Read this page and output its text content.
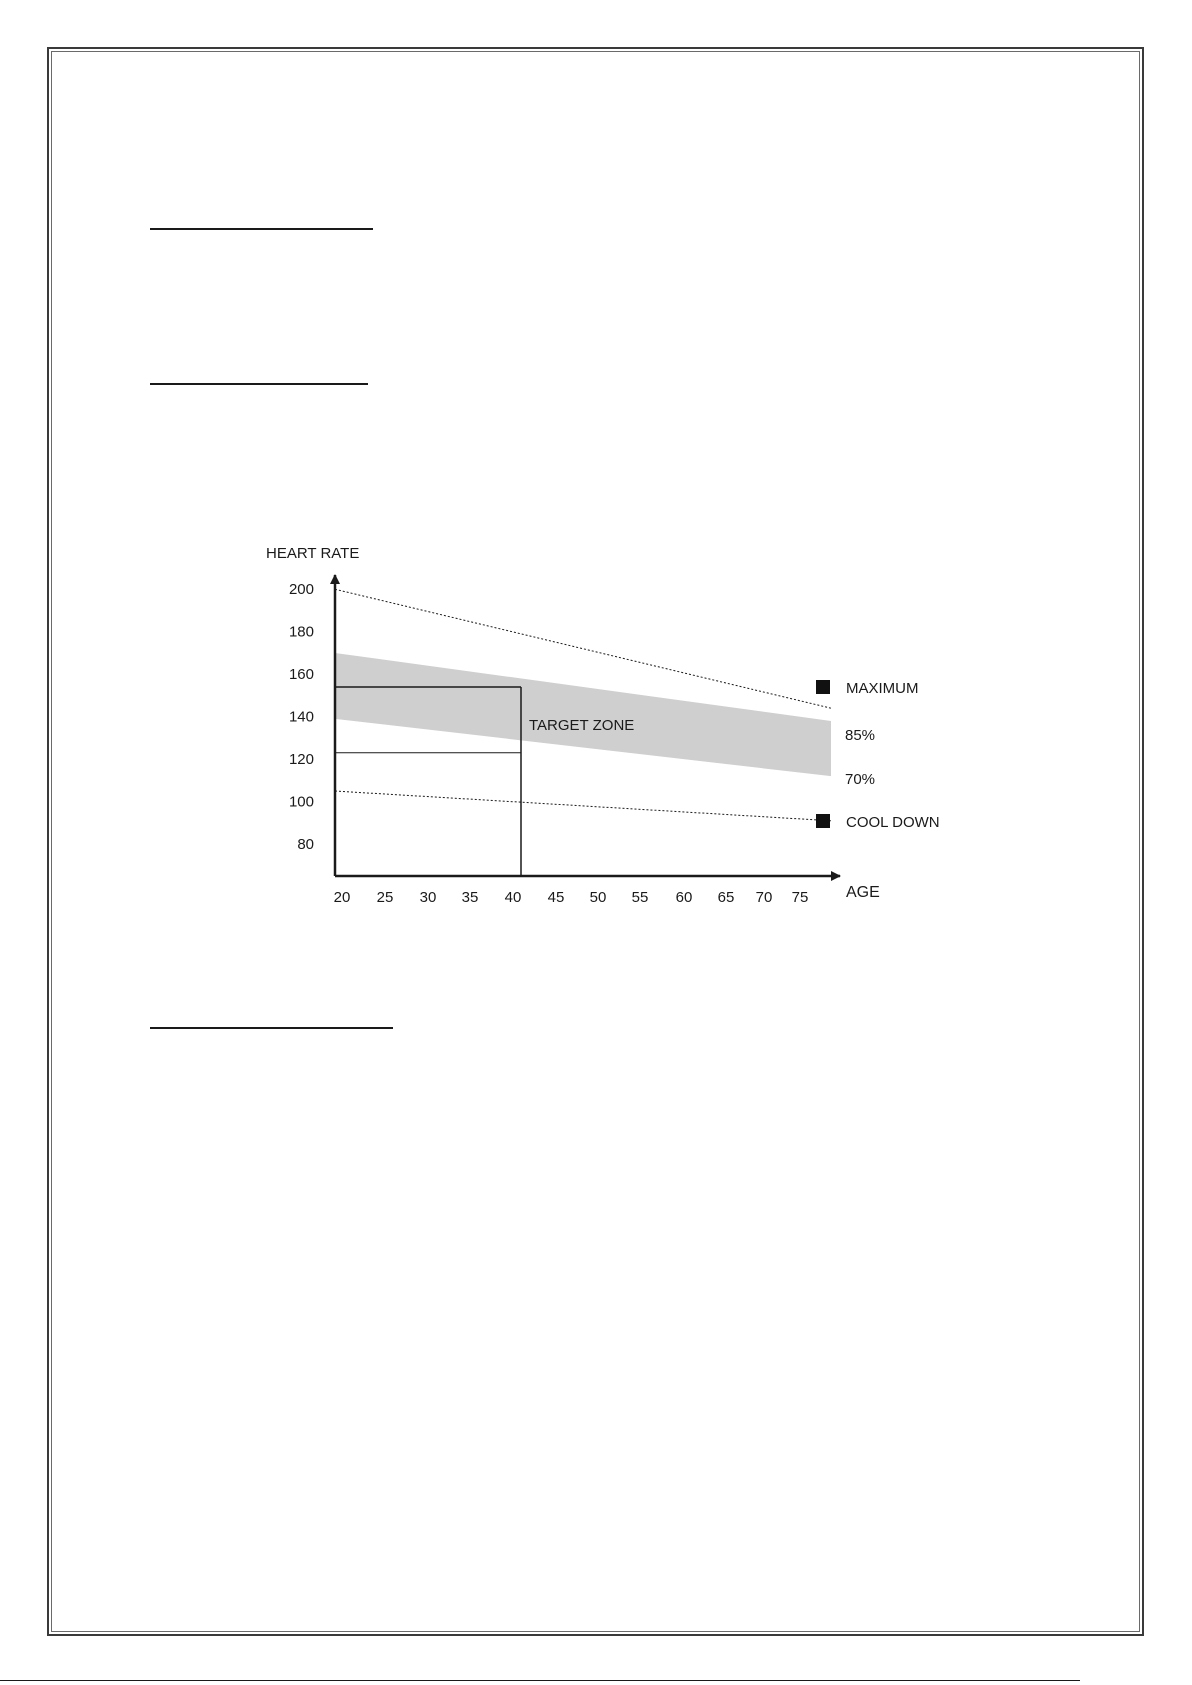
HEART RATE
AGE
80
100
120
140
160
180
200
20 25 30 35 40 45 50 55 60 65 70 75
MAXIMUM
COOL DOWN
85%
70%
TARGET ZONE
